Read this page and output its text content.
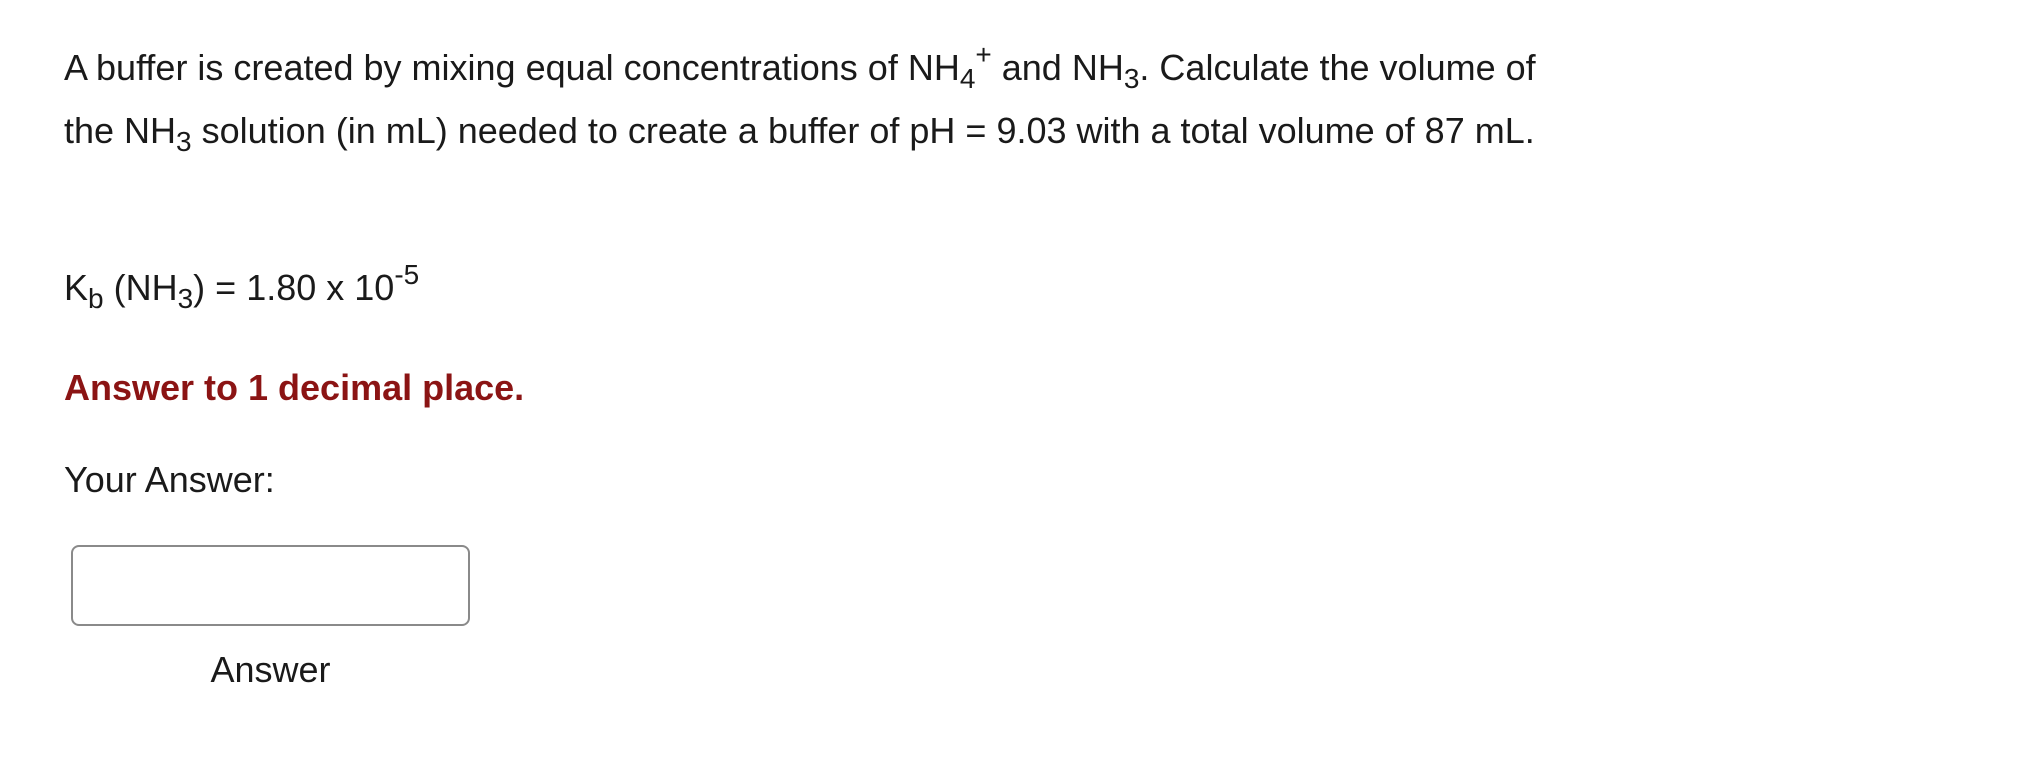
A buffer is created by mixing equal concentrations of $NH_4^+$ and $NH_3$. Calculate the volume of the $NH_3$ solution (in mL) needed to create a buffer of pH = 9.03 with a total volume of 87 mL.

$K_b$ $(NH_3) = 1.80$ x $10^{-5}$
Answer to 1 decimal place.
Your Answer:
Answer
